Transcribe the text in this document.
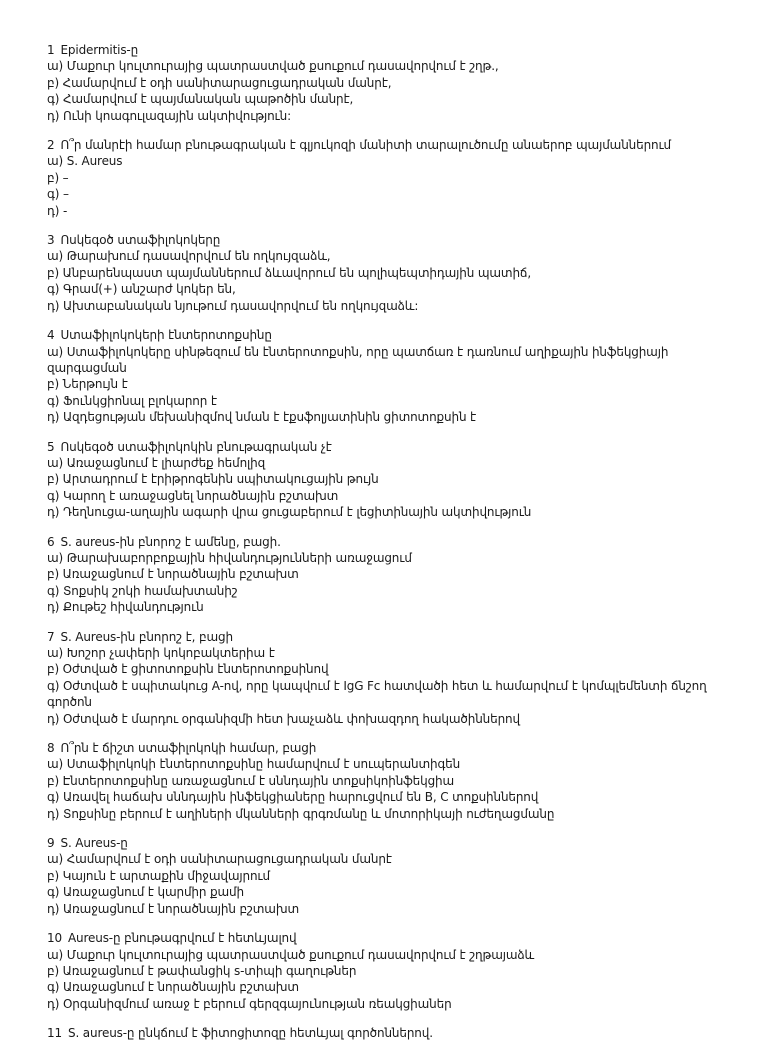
1 Epidermitis-ը
ա) Մաքուր կուլտուրայից պատրաստված քսուքում դասավորվում է շղթ.,
բ) Համարվում է օդի սանիտարացուցադրական մանրէ,
գ) Համարվում է պայմանական պաթոծին մանրէ,
դ) Ունի կոագուլազային ակտիվություն:
2 Ո՞ր մանրէի համար բնութագրական է գլյուկոզի մանիտի տարալուծումը անաերոբ պայմաններում
ա) S. Aureus
բ) –
գ) –
դ) -
3 Ոսկեգօծ ստաֆիլոկոկերը
ա) Թարախում դասավորվում են ողկույզաձև,
բ) Անբարենպաստ պայմաններում ձևավորում են պոլիպեպտիդային պատիճ,
գ) Գրամ(+) անշարժ կոկեր են,
դ) Ախտաբանական նյութում դասավորվում են ողկույզաձև:
4 Ստաֆիլոկոկերի էնտերոտոքսինը
ա) Ստաֆիլոկոկերը սինթեզում են էնտերոտոքսին, որը պատճառ է դառնում աղիքային ինֆեկցիայի զարգացման
բ) Ներթույն է
գ) Ֆունկցիոնալ բլոկարոր է
դ) Ազդեցության մեխանիզմով նման է էքսֆոլյատինին ցիտոտոքսին է
5 Ոսկեգօծ ստաֆիլոկոկին բնութագրական չէ
ա) Առաջացնում է լիարժեք հեմոլիզ
բ) Արտադրում է էրիթրոգենին սպիտակուցային թույն
գ) Կարող է առաջացնել նորածնային բշտախտ
դ) Դեղնուցա-աղային ագարի վրա ցուցաբերում է լեցիտինային ակտիվություն
6 S. aureus-ին բնորոշ է ամենը, բացի.
ա) Թարախաբորբոքային հիվանդությունների առաջացում
բ) Առաջացնում է նորածնային բշտախտ
գ) Տոքսիկ շոկի համախտանիշ
դ) Քութեշ հիվանդություն
7 S. Aureus-ին բնորոշ է, բացի
ա) Խոշոր չափերի կոկոբակտերիա է
բ) Օժտված է ցիտոտոքսին էնտերոտոքսինով
գ) Օժտված է սպիտակուց A-ով, որը կապվում է IgG Fc հատվածի հետ և համարվում է կոմպլեմենտի ճնշող գործոն
դ) Օժտված է մարդու օրգանիզմի հետ խաչաձև փոխազդող հակածիններով
8 Ո՞րն է ճիշտ ստաֆիլոկոկի համար, բացի
ա) Ստաֆիլոկոկի էնտերոտոքսինը համարվում է սուպերանտիգեն
բ) Էնտերոտոքսինը առաջացնում է սննդային տոքսիկոինֆեկցիա
գ) Առավել հաճախ սննդային ինֆեկցիաները հարուցվում են B, C տոքսիններով
դ) Տոքսինը բերում է աղիների մկանների գրգռմանը և մոտորիկայի ուժեղացմանը
9 S. Aureus-ը
ա) Համարվում է օդի սանիտարացուցադրական մանրէ
բ) Կայուն է արտաքին միջավայրում
գ) Առաջացնում է կարմիր քամի
դ) Առաջացնում է նորածնային բշտախտ
10 Aureus-ը բնութագրվում է հետևյալով
ա) Մաքուր կուլտուրայից պատրաստված քսուքում դասավորվում է շղթայաձև
բ) Առաջացնում է թափանցիկ s-տիպի գաղութներ
գ) Առաջացնում է նորածնային բշտախտ
դ) Օրգանիզմում առաջ է բերում գերզգայունության ռեակցիաներ
11 S. aureus-ը ընկճում է ֆիտոցիտոզը հետևյալ գործոններով.
